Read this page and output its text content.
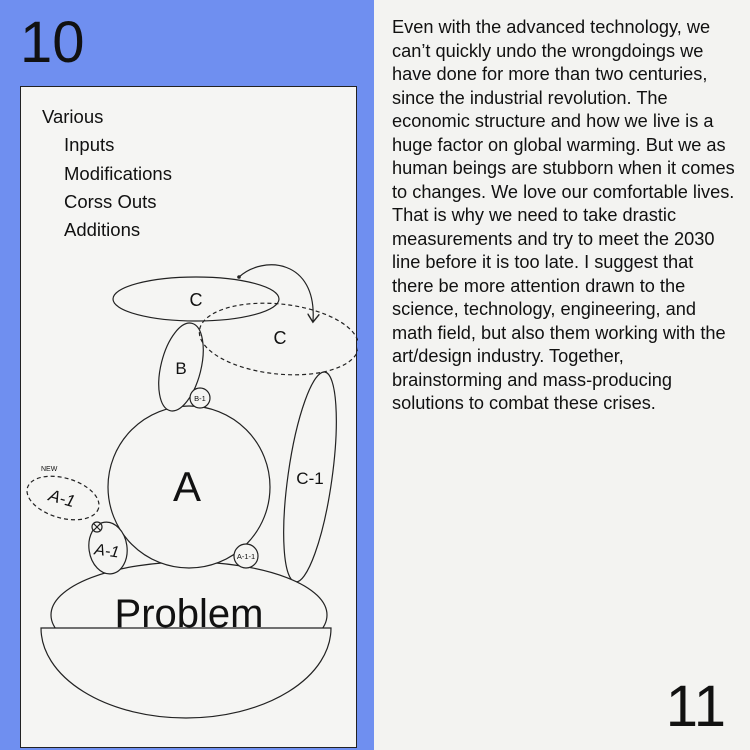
10
Various
Inputs
Modifications
Corss Outs
Additions
C
C
B
B-1
A	C-1
NEW
A-1
A-1	A-1-1
Problem
11

Even with the advanced technology, we can’t quickly undo the wrongdoings we have done for more than two centuries, since the industrial revolution. The economic structure and how we live is a huge factor on global warming. But we as human beings are stubborn when it comes to changes. We love our comfortable lives. That is why we need to take drastic measurements and try to meet the 2030 line before it is too late. I suggest that there be more attention drawn to the science, technology, engineering, and math field, but also them working with the art/design industry. Together, brainstorming and mass-producing solutions to combat these crises.
